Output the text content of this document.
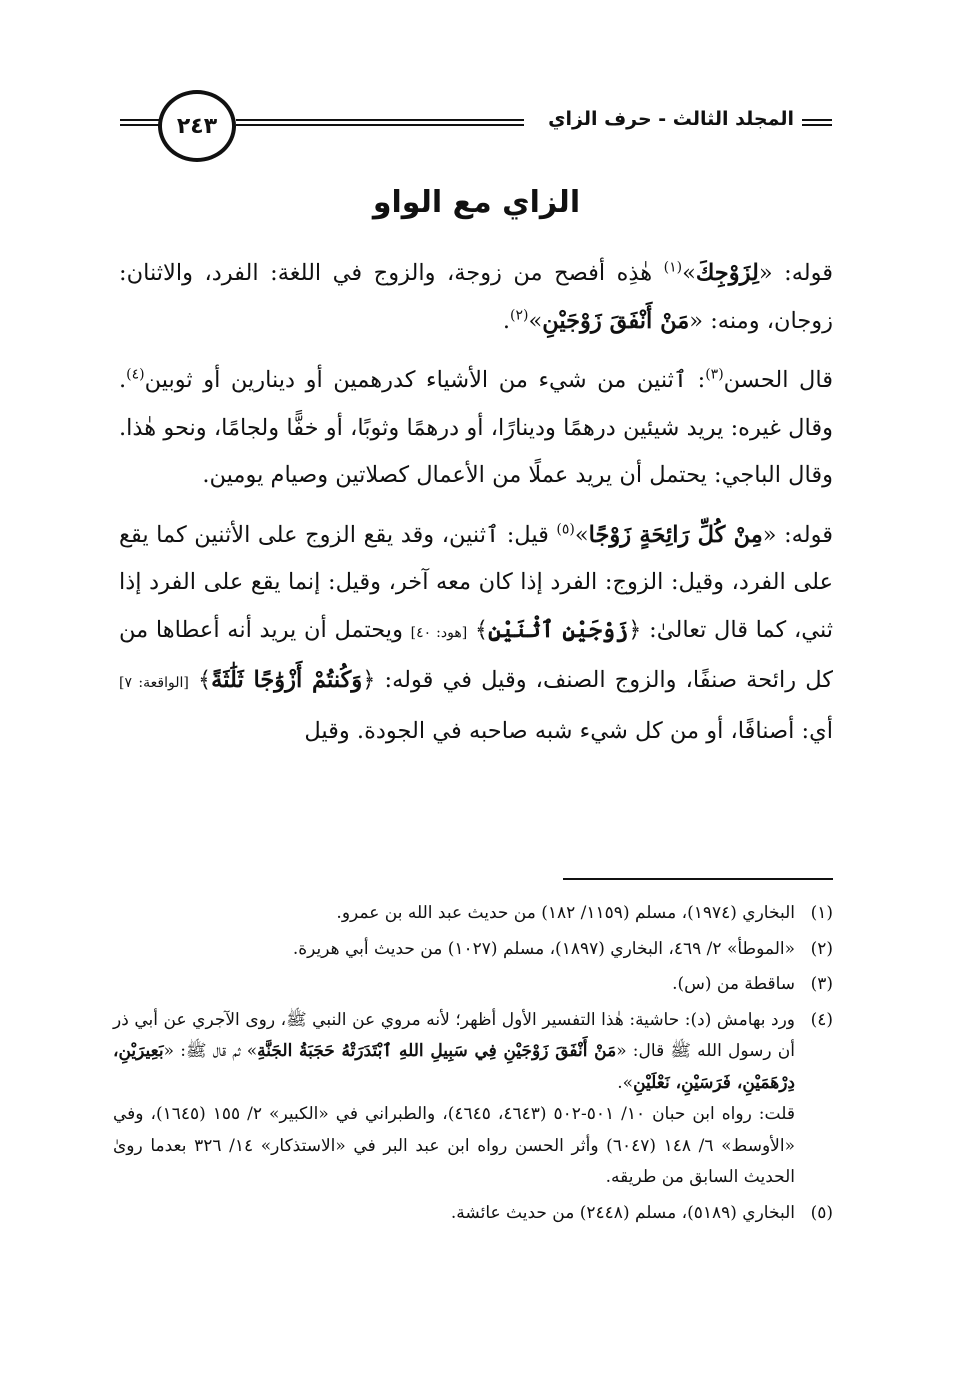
المجلد الثالث - حرف الزاي
٢٤٣
الزاي مع الواو

قوله: «لِزَوْجِكَ»$^{(١)}$ هٰذِه أفصح من زوجة، والزوج في اللغة: الفرد، والاثنان: زوجان، ومنه: «مَنْ أَنْفَقَ زَوْجَيْنِ»$^{(٢)}$.

قال الحسن$^{(٣)}$: ٱثنين من شيء من الأشياء كدرهمين أو دينارين أو ثوبين$^{(٤)}$. وقال غيره: يريد شيئين درهمًا ودينارًا، أو درهمًا وثوبًا، أو خفًّا ولجامًا، ونحو هٰذا. وقال الباجي: يحتمل أن يريد عملًا من الأعمال كصلاتين وصيام يومين.

قوله: «مِنْ كُلِّ رَائِحَةٍ زَوْجًا»$^{(٥)}$ قيل: ٱثنين، وقد يقع الزوج على الأثنين كما يقع على الفرد، وقيل: الزوج: الفرد إذا كان معه آخر، وقيل: إنما يقع على الفرد إذا ثني، كما قال تعالىٰ: ﴿زَوْجَيْنِ ٱثْنَيْنِ﴾ [هود: ٤٠] ويحتمل أن يريد أنه أعطاها من كل رائحة صنفًا، والزوج الصنف، وقيل في قوله: ﴿وَكُنتُمْ أَزْوَٰجًا ثَلَٰثَةً﴾ [الواقعة: ٧] أي: أصنافًا، أو من كل شيء شبه صاحبه في الجودة. وقيل

(١)
البخاري (١٩٧٤)، مسلم (١١٥٩/ ١٨٢) من حديث عبد الله بن عمرو.
(٢)
«الموطأ» ٢/ ٤٦٩، البخاري (١٨٩٧)، مسلم (١٠٢٧) من حديث أبي هريرة.
(٣)
ساقطة من (س).
(٤)
ورد بهامش (د): حاشية: هٰذا التفسير الأول أظهر؛ لأنه مروي عن النبي ﷺ، روى الآجري عن أبي ذر أن رسول الله ﷺ قال: «مَنْ أَنْفَقَ زَوْجَيْنِ فِي سَبِيلِ اللهِ ٱبْتَدَرَتْهُ حَجَبَةُ الجَنَّةِ» ثم قال ﷺ: «بَعِيرَيْنِ، دِرْهَمَيْنِ، فَرَسَيْنِ، نَعْلَيْنِ».
قلت: رواه ابن حبان ١٠/ ٥٠١-٥٠٢ (٤٦٤٣، ٤٦٤٥)، والطبراني في «الكبير» ٢/ ١٥٥ (١٦٤٥)، وفي «الأوسط» ٦/ ١٤٨ (٦٠٤٧) وأثر الحسن رواه ابن عبد البر في «الاستذكار» ١٤/ ٣٢٦ بعدما روىٰ الحديث السابق من طريقه.
(٥)
البخاري (٥١٨٩)، مسلم (٢٤٤٨) من حديث عائشة.
